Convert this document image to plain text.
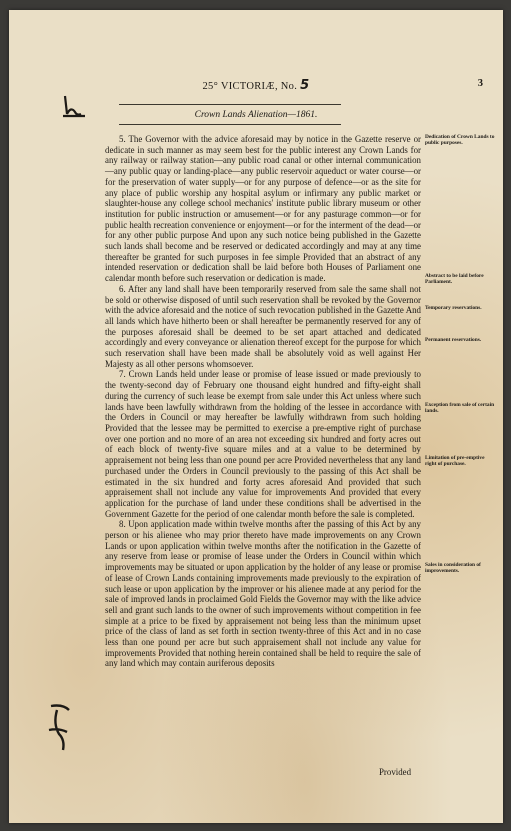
25° VICTORIÆ, No. 5	3
Crown Lands Alienation—1861.

5. The Governor with the advice aforesaid may by notice in the Gazette reserve or dedicate in such manner as may seem best for the public interest any Crown Lands for any railway or railway station—any public road canal or other internal communication—any public quay or landing-place—any public reservoir aqueduct or water course—or for the preservation of water supply—or for any purpose of defence—or as the site for any place of public worship any hospital asylum or infirmary any public market or slaughter-house any college school mechanics' institute public library museum or other institution for public instruction or amusement—or for any pasturage common—or for public health recreation convenience or enjoyment—or for the interment of the dead—or for any other public purpose And upon any such notice being published in the Gazette such lands shall become and be reserved or dedicated accordingly and may at any time thereafter be granted for such purposes in fee simple Provided that an abstract of any intended reservation or dedication shall be laid before both Houses of Parliament one calendar month before such reservation or dedication is made.

6. After any land shall have been temporarily reserved from sale the same shall not be sold or otherwise disposed of until such reservation shall be revoked by the Governor with the advice aforesaid and the notice of such revocation published in the Gazette And all lands which have hitherto been or shall hereafter be permanently reserved for any of the purposes aforesaid shall be deemed to be set apart attached and dedicated accordingly and every conveyance or alienation thereof except for the purpose for which such reservation shall have been made shall be absolutely void as well against Her Majesty as all other persons whomsoever.

7. Crown Lands held under lease or promise of lease issued or made previously to the twenty-second day of February one thousand eight hundred and fifty-eight shall during the currency of such lease be exempt from sale under this Act unless where such lands have been lawfully withdrawn from the holding of the lessee in accordance with the Orders in Council or may hereafter be lawfully withdrawn from such holding Provided that the lessee may be permitted to exercise a pre-emptive right of purchase over one portion and no more of an area not exceeding six hundred and forty acres out of each block of twenty-five square miles and at a value to be determined by appraisement not being less than one pound per acre Provided nevertheless that any land purchased under the Orders in Council previously to the passing of this Act shall be estimated in the six hundred and forty acres aforesaid And provided that such appraisement shall not include any value for improvements And provided that every application for the purchase of land under these conditions shall be advertised in the Government Gazette for the period of one calendar month before the sale is completed.

8. Upon application made within twelve months after the passing of this Act by any person or his alienee who may prior thereto have made improvements on any Crown Lands or upon application within twelve months after the notification in the Gazette of any reserve from lease or promise of lease under the Orders in Council within which improvements may be situated or upon application by the holder of any lease or promise of lease of Crown Lands containing improvements made previously to the expiration of such lease or upon application by the improver or his alienee made at any period for the sale of improved lands in proclaimed Gold Fields the Governor may with the like advice sell and grant such lands to the owner of such improvements without competition in fee simple at a price to be fixed by appraisement not being less than the minimum upset price of the class of land as set forth in section twenty-three of this Act and in no case less than one pound per acre but such appraisement shall not include any value for improvements Provided that nothing herein contained shall be held to require the sale of any land which may contain auriferous deposits

Dedication of Crown Lands to public purposes.
Abstract to be laid before Parliament.
Temporary reservations.
Permanent reservations.
Exception from sale of certain lands.
Limitation of pre-emptive right of purchase.
Sales in consideration of improvements.
Provided
